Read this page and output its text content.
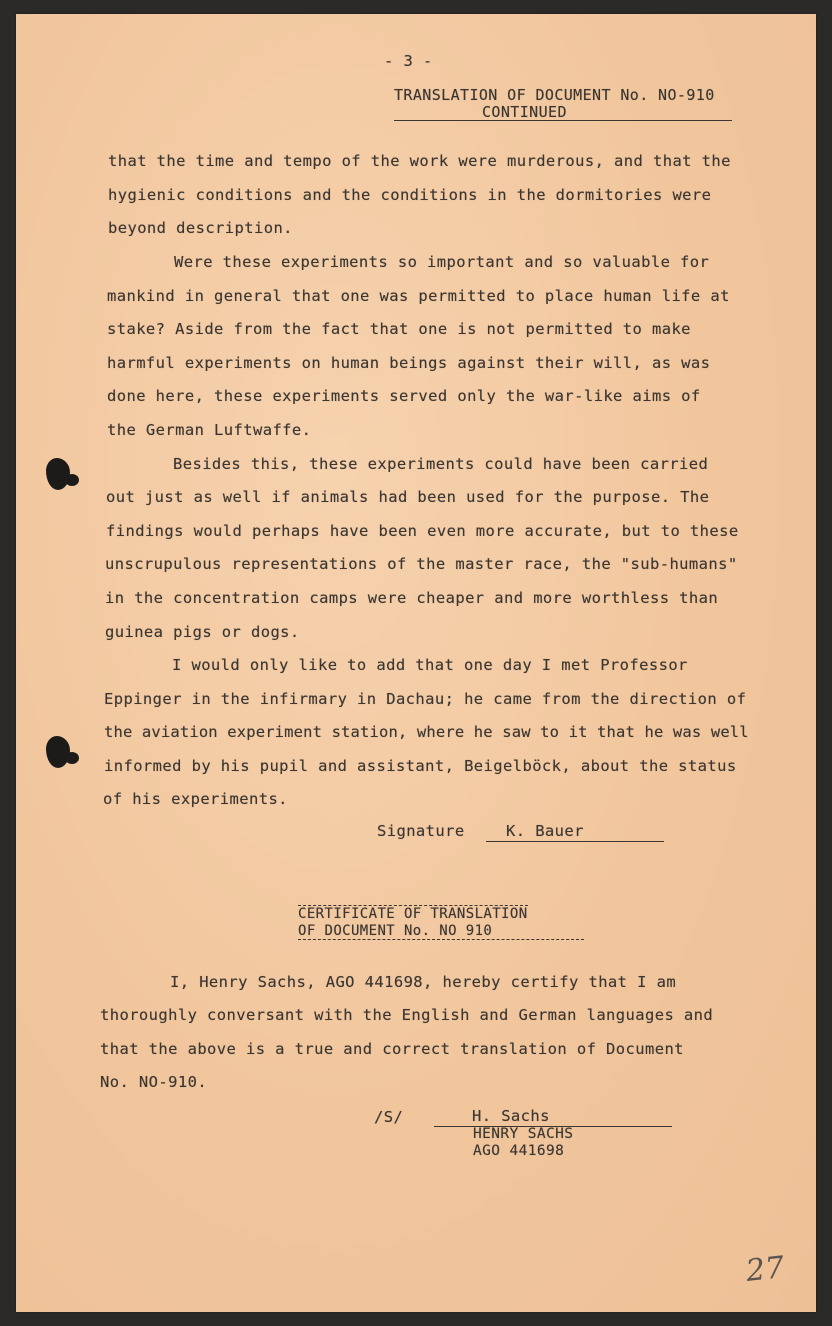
- 3 -
TRANSLATION OF DOCUMENT No. NO-910
CONTINUED
that the time and tempo of the work were murderous, and that the
hygienic conditions and the conditions in the dormitories were
beyond description.
Were these experiments so important and so valuable for
mankind in general that one was permitted to place human life at
stake? Aside from the fact that one is not permitted to make
harmful experiments on human beings against their will, as was
done here, these experiments served only the war-like aims of
the German Luftwaffe.
Besides this, these experiments could have been carried
out just as well if animals had been used for the purpose. The
findings would perhaps have been even more accurate, but to these
unscrupulous representations of the master race, the "sub-humans"
in the concentration camps were cheaper and more worthless than
guinea pigs or dogs.
I would only like to add that one day I met Professor
Eppinger in the infirmary in Dachau; he came from the direction of
the aviation experiment station, where he saw to it that he was well
informed by his pupil and assistant, Beigelböck, about the status
of his experiments.
Signature	K. Bauer
CERTIFICATE OF TRANSLATION
OF DOCUMENT No. NO 910
I, Henry Sachs, AGO 441698, hereby certify that I am
thoroughly conversant with the English and German languages and
that the above is a true and correct translation of Document
No. NO-910.
/S/	H. Sachs
HENRY SACHS
AGO 441698
27
